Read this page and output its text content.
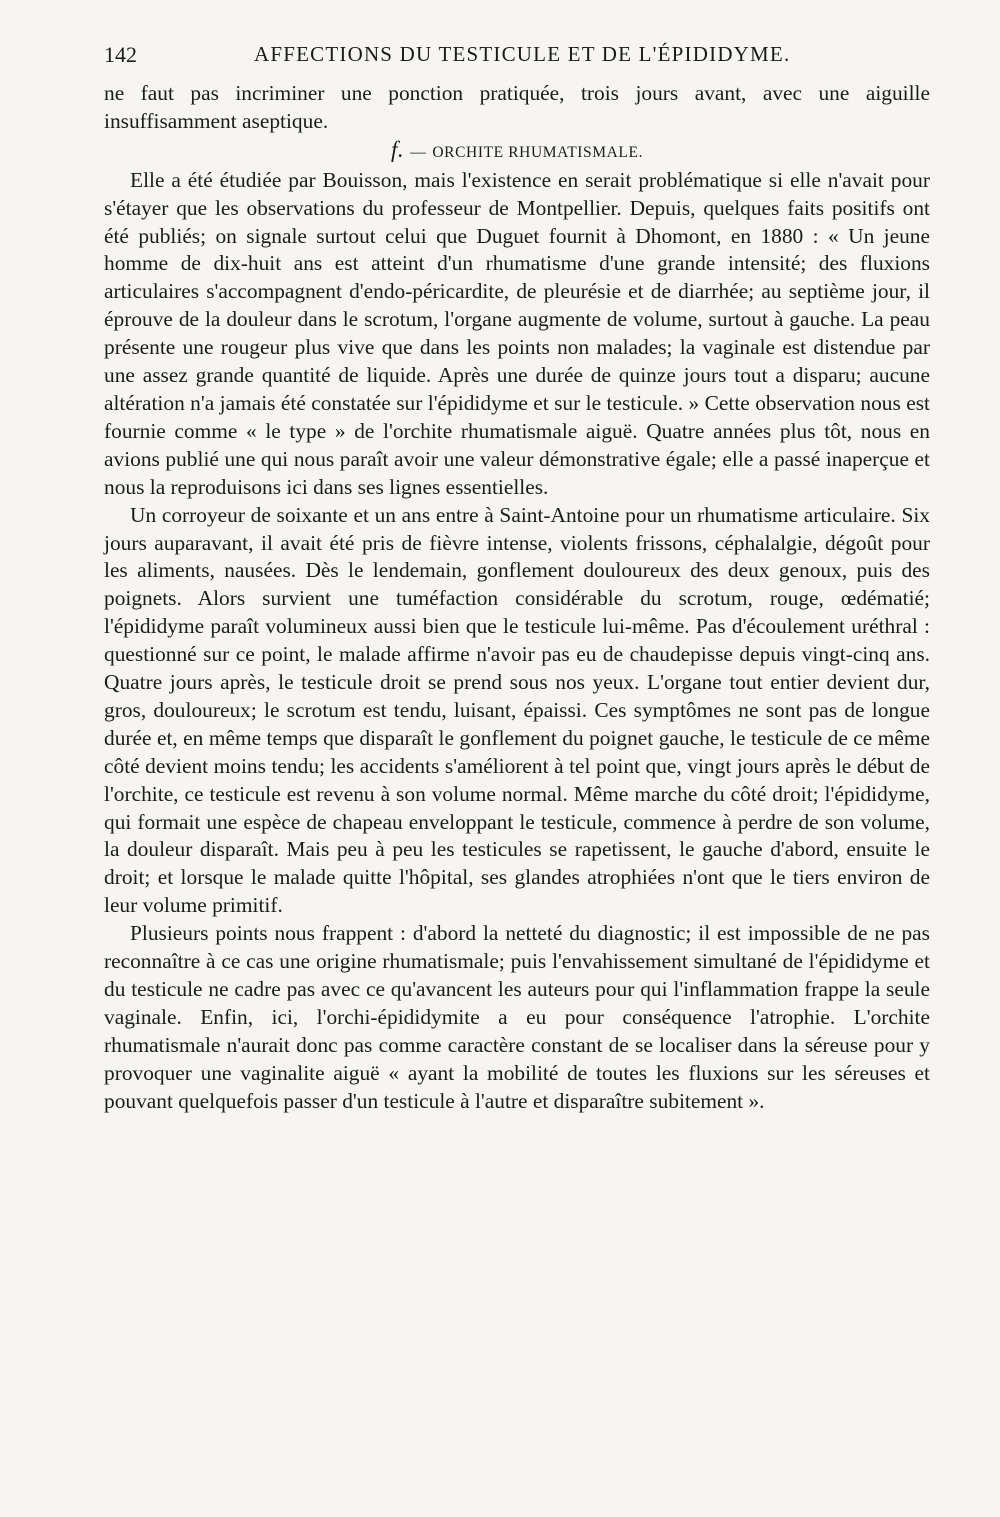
142	AFFECTIONS DU TESTICULE ET DE L'ÉPIDIDYME.

ne faut pas incriminer une ponction pratiquée, trois jours avant, avec une aiguille insuffisamment aseptique.

f. — ORCHITE RHUMATISMALE.

Elle a été étudiée par Bouisson, mais l'existence en serait problématique si elle n'avait pour s'étayer que les observations du professeur de Montpellier. Depuis, quelques faits positifs ont été publiés; on signale surtout celui que Duguet fournit à Dhomont, en 1880 : « Un jeune homme de dix-huit ans est atteint d'un rhumatisme d'une grande intensité; des fluxions articulaires s'accompagnent d'endo-péricardite, de pleurésie et de diarrhée; au septième jour, il éprouve de la douleur dans le scrotum, l'organe augmente de volume, surtout à gauche. La peau présente une rougeur plus vive que dans les points non malades; la vaginale est distendue par une assez grande quantité de liquide. Après une durée de quinze jours tout a disparu; aucune altération n'a jamais été constatée sur l'épididyme et sur le testicule. » Cette observation nous est fournie comme « le type » de l'orchite rhumatismale aiguë. Quatre années plus tôt, nous en avions publié une qui nous paraît avoir une valeur démonstrative égale; elle a passé inaperçue et nous la reproduisons ici dans ses lignes essentielles.

Un corroyeur de soixante et un ans entre à Saint-Antoine pour un rhumatisme articulaire. Six jours auparavant, il avait été pris de fièvre intense, violents frissons, céphalalgie, dégoût pour les aliments, nausées. Dès le lendemain, gonflement douloureux des deux genoux, puis des poignets. Alors survient une tuméfaction considérable du scrotum, rouge, œdématié; l'épididyme paraît volumineux aussi bien que le testicule lui-même. Pas d'écoulement uréthral : questionné sur ce point, le malade affirme n'avoir pas eu de chaudepisse depuis vingt-cinq ans. Quatre jours après, le testicule droit se prend sous nos yeux. L'organe tout entier devient dur, gros, douloureux; le scrotum est tendu, luisant, épaissi. Ces symptômes ne sont pas de longue durée et, en même temps que disparaît le gonflement du poignet gauche, le testicule de ce même côté devient moins tendu; les accidents s'améliorent à tel point que, vingt jours après le début de l'orchite, ce testicule est revenu à son volume normal. Même marche du côté droit; l'épididyme, qui formait une espèce de chapeau enveloppant le testicule, commence à perdre de son volume, la douleur disparaît. Mais peu à peu les testicules se rapetissent, le gauche d'abord, ensuite le droit; et lorsque le malade quitte l'hôpital, ses glandes atrophiées n'ont que le tiers environ de leur volume primitif.

Plusieurs points nous frappent : d'abord la netteté du diagnostic; il est impossible de ne pas reconnaître à ce cas une origine rhumatismale; puis l'envahissement simultané de l'épididyme et du testicule ne cadre pas avec ce qu'avancent les auteurs pour qui l'inflammation frappe la seule vaginale. Enfin, ici, l'orchi-épididymite a eu pour conséquence l'atrophie. L'orchite rhumatismale n'aurait donc pas comme caractère constant de se localiser dans la séreuse pour y provoquer une vaginalite aiguë « ayant la mobilité de toutes les fluxions sur les séreuses et pouvant quelquefois passer d'un testicule à l'autre et disparaître subitement ».
